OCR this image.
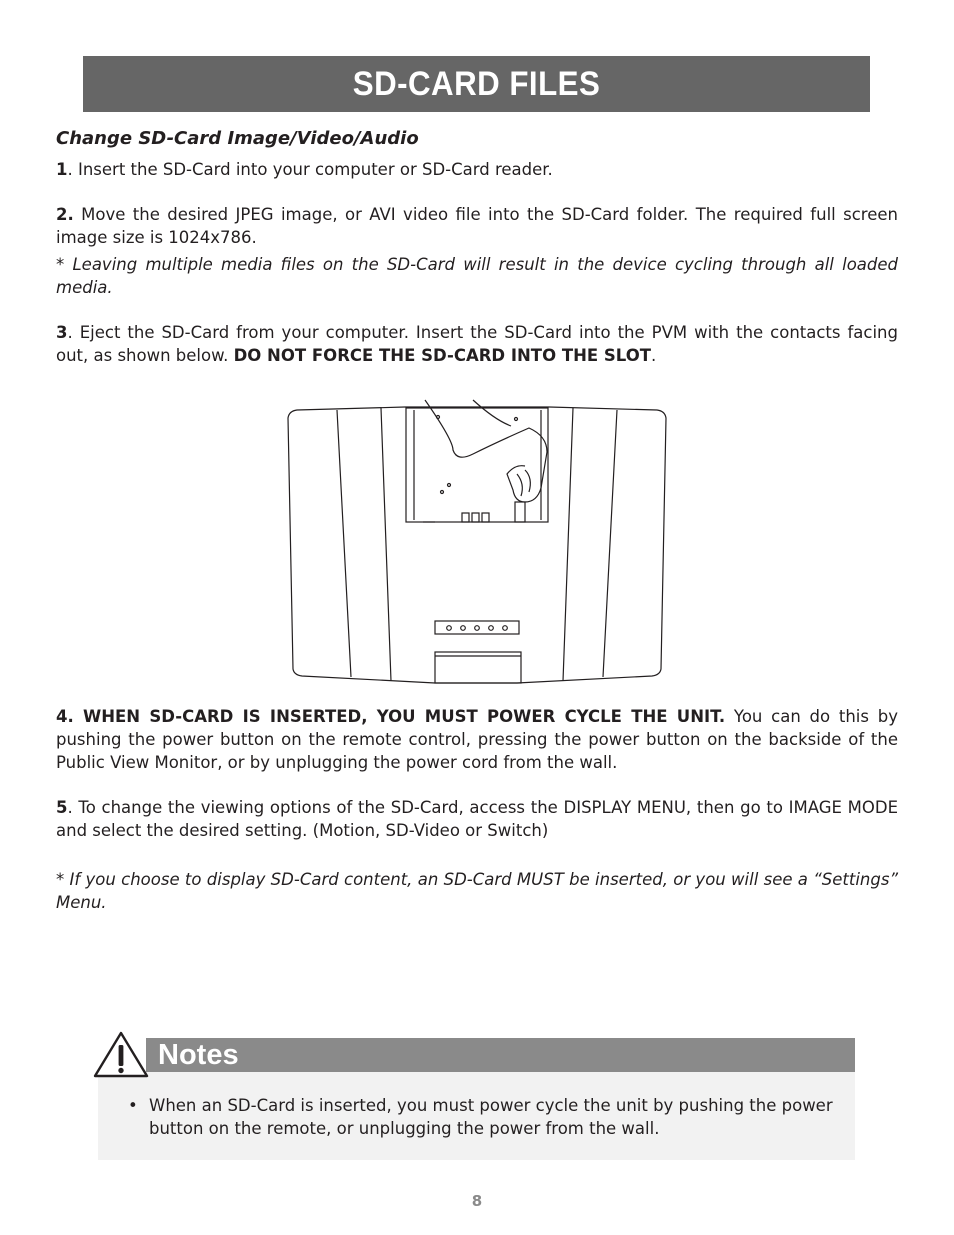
SD-CARD FILES

Change SD-Card Image/Video/Audio

1. Insert the SD-Card into your computer or SD-Card reader.

2. Move the desired JPEG image, or AVI video file into the SD-Card folder. The required full screen image size is 1024x786.

* Leaving multiple media files on the SD-Card will result in the device cycling through all loaded media.

3. Eject the SD-Card from your computer. Insert the SD-Card into the PVM with the contacts facing out, as shown below. DO NOT FORCE THE SD-CARD INTO THE SLOT.

4. WHEN SD-CARD IS INSERTED, YOU MUST POWER CYCLE THE UNIT. You can do this by pushing the power button on the remote control, pressing the power button on the backside of the Public View Monitor, or by unplugging the power cord from the wall.

5. To change the viewing options of the SD-Card, access the DISPLAY MENU, then go to IMAGE MODE and select the desired setting. (Motion, SD-Video or Switch)

* If you choose to display SD-Card content, an SD-Card MUST be inserted, or you will see a “Settings” Menu.

Notes
• When an SD-Card is inserted, you must power cycle the unit by pushing the power button on the remote, or unplugging the power from the wall.
8
